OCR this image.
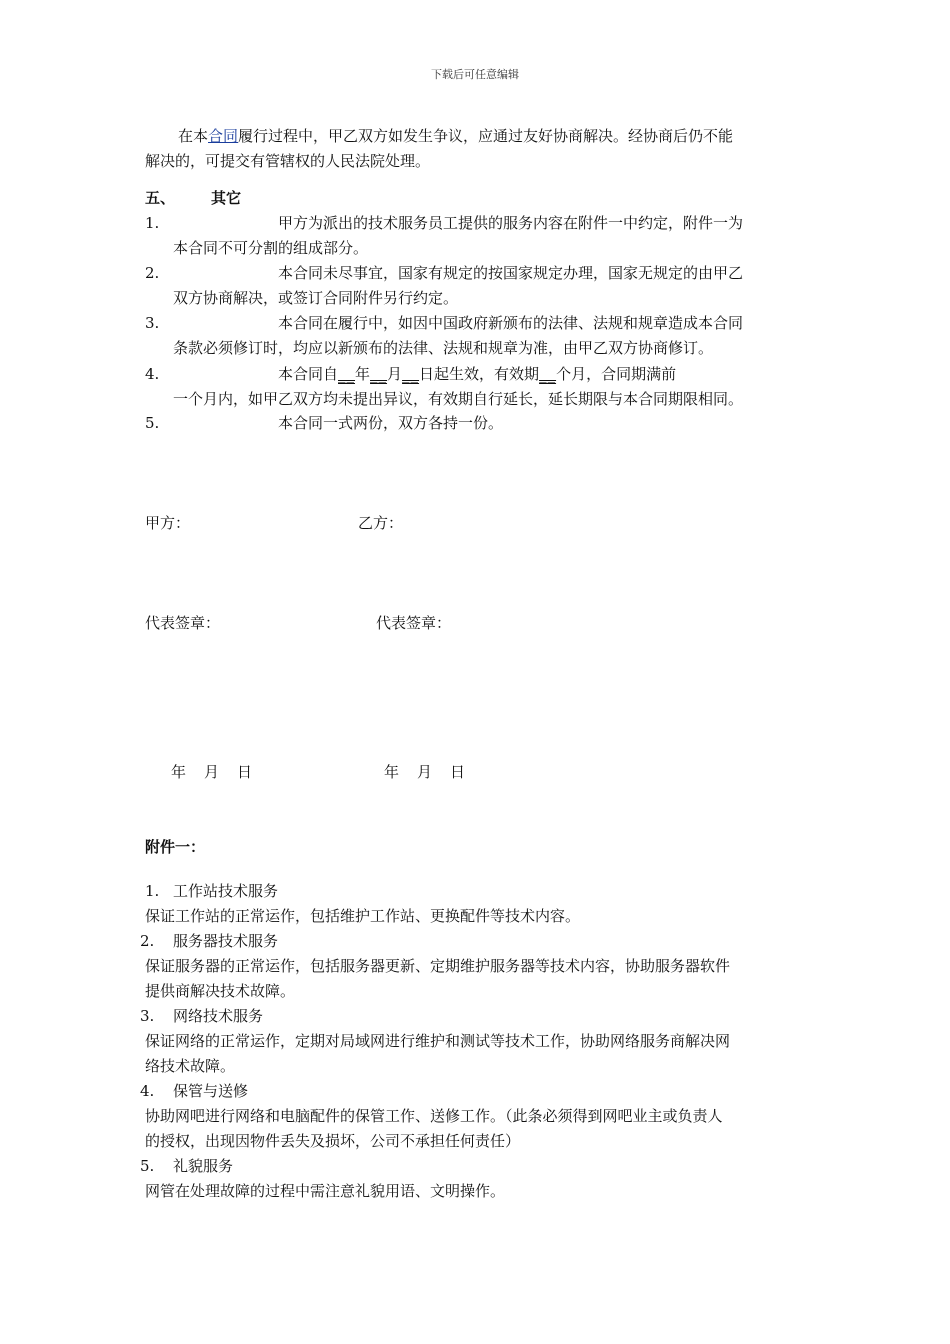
下载后可任意编辑
在本合同履行过程中，甲乙双方如发生争议，应通过友好协商解决。经协商后仍不能
解决的，可提交有管辖权的人民法院处理。
五、 其它
1.	甲方为派出的技术服务员工提供的服务内容在附件一中约定，附件一为
本合同不可分割的组成部分。
2.	本合同未尽事宜，国家有规定的按国家规定办理，国家无规定的由甲乙
双方协商解决，或签订合同附件另行约定。
3.	本合同在履行中，如因中国政府新颁布的法律、法规和规章造成本合同
条款必须修订时，均应以新颁布的法律、法规和规章为准，由甲乙双方协商修订。
4.	本合同自__年__月__日起生效，有效期__个月，合同期满前
一个月内，如甲乙双方均未提出异议，有效期自行延长，延长期限与本合同期限相同。
5.	本合同一式两份，双方各持一份。
甲方：	乙方：
代表签章：	代表签章：
年 月 日	年 月 日
附件一：
1. 工作站技术服务
保证工作站的正常运作，包括维护工作站、更换配件等技术内容。
2. 服务器技术服务
保证服务器的正常运作，包括服务器更新、定期维护服务器等技术内容，协助服务器软件
提供商解决技术故障。
3. 网络技术服务
保证网络的正常运作，定期对局域网进行维护和测试等技术工作，协助网络服务商解决网
络技术故障。
4. 保管与送修
协助网吧进行网络和电脑配件的保管工作、送修工作。（此条必须得到网吧业主或负责人
的授权，出现因物件丢失及损坏，公司不承担任何责任）
5. 礼貌服务
网管在处理故障的过程中需注意礼貌用语、文明操作。
